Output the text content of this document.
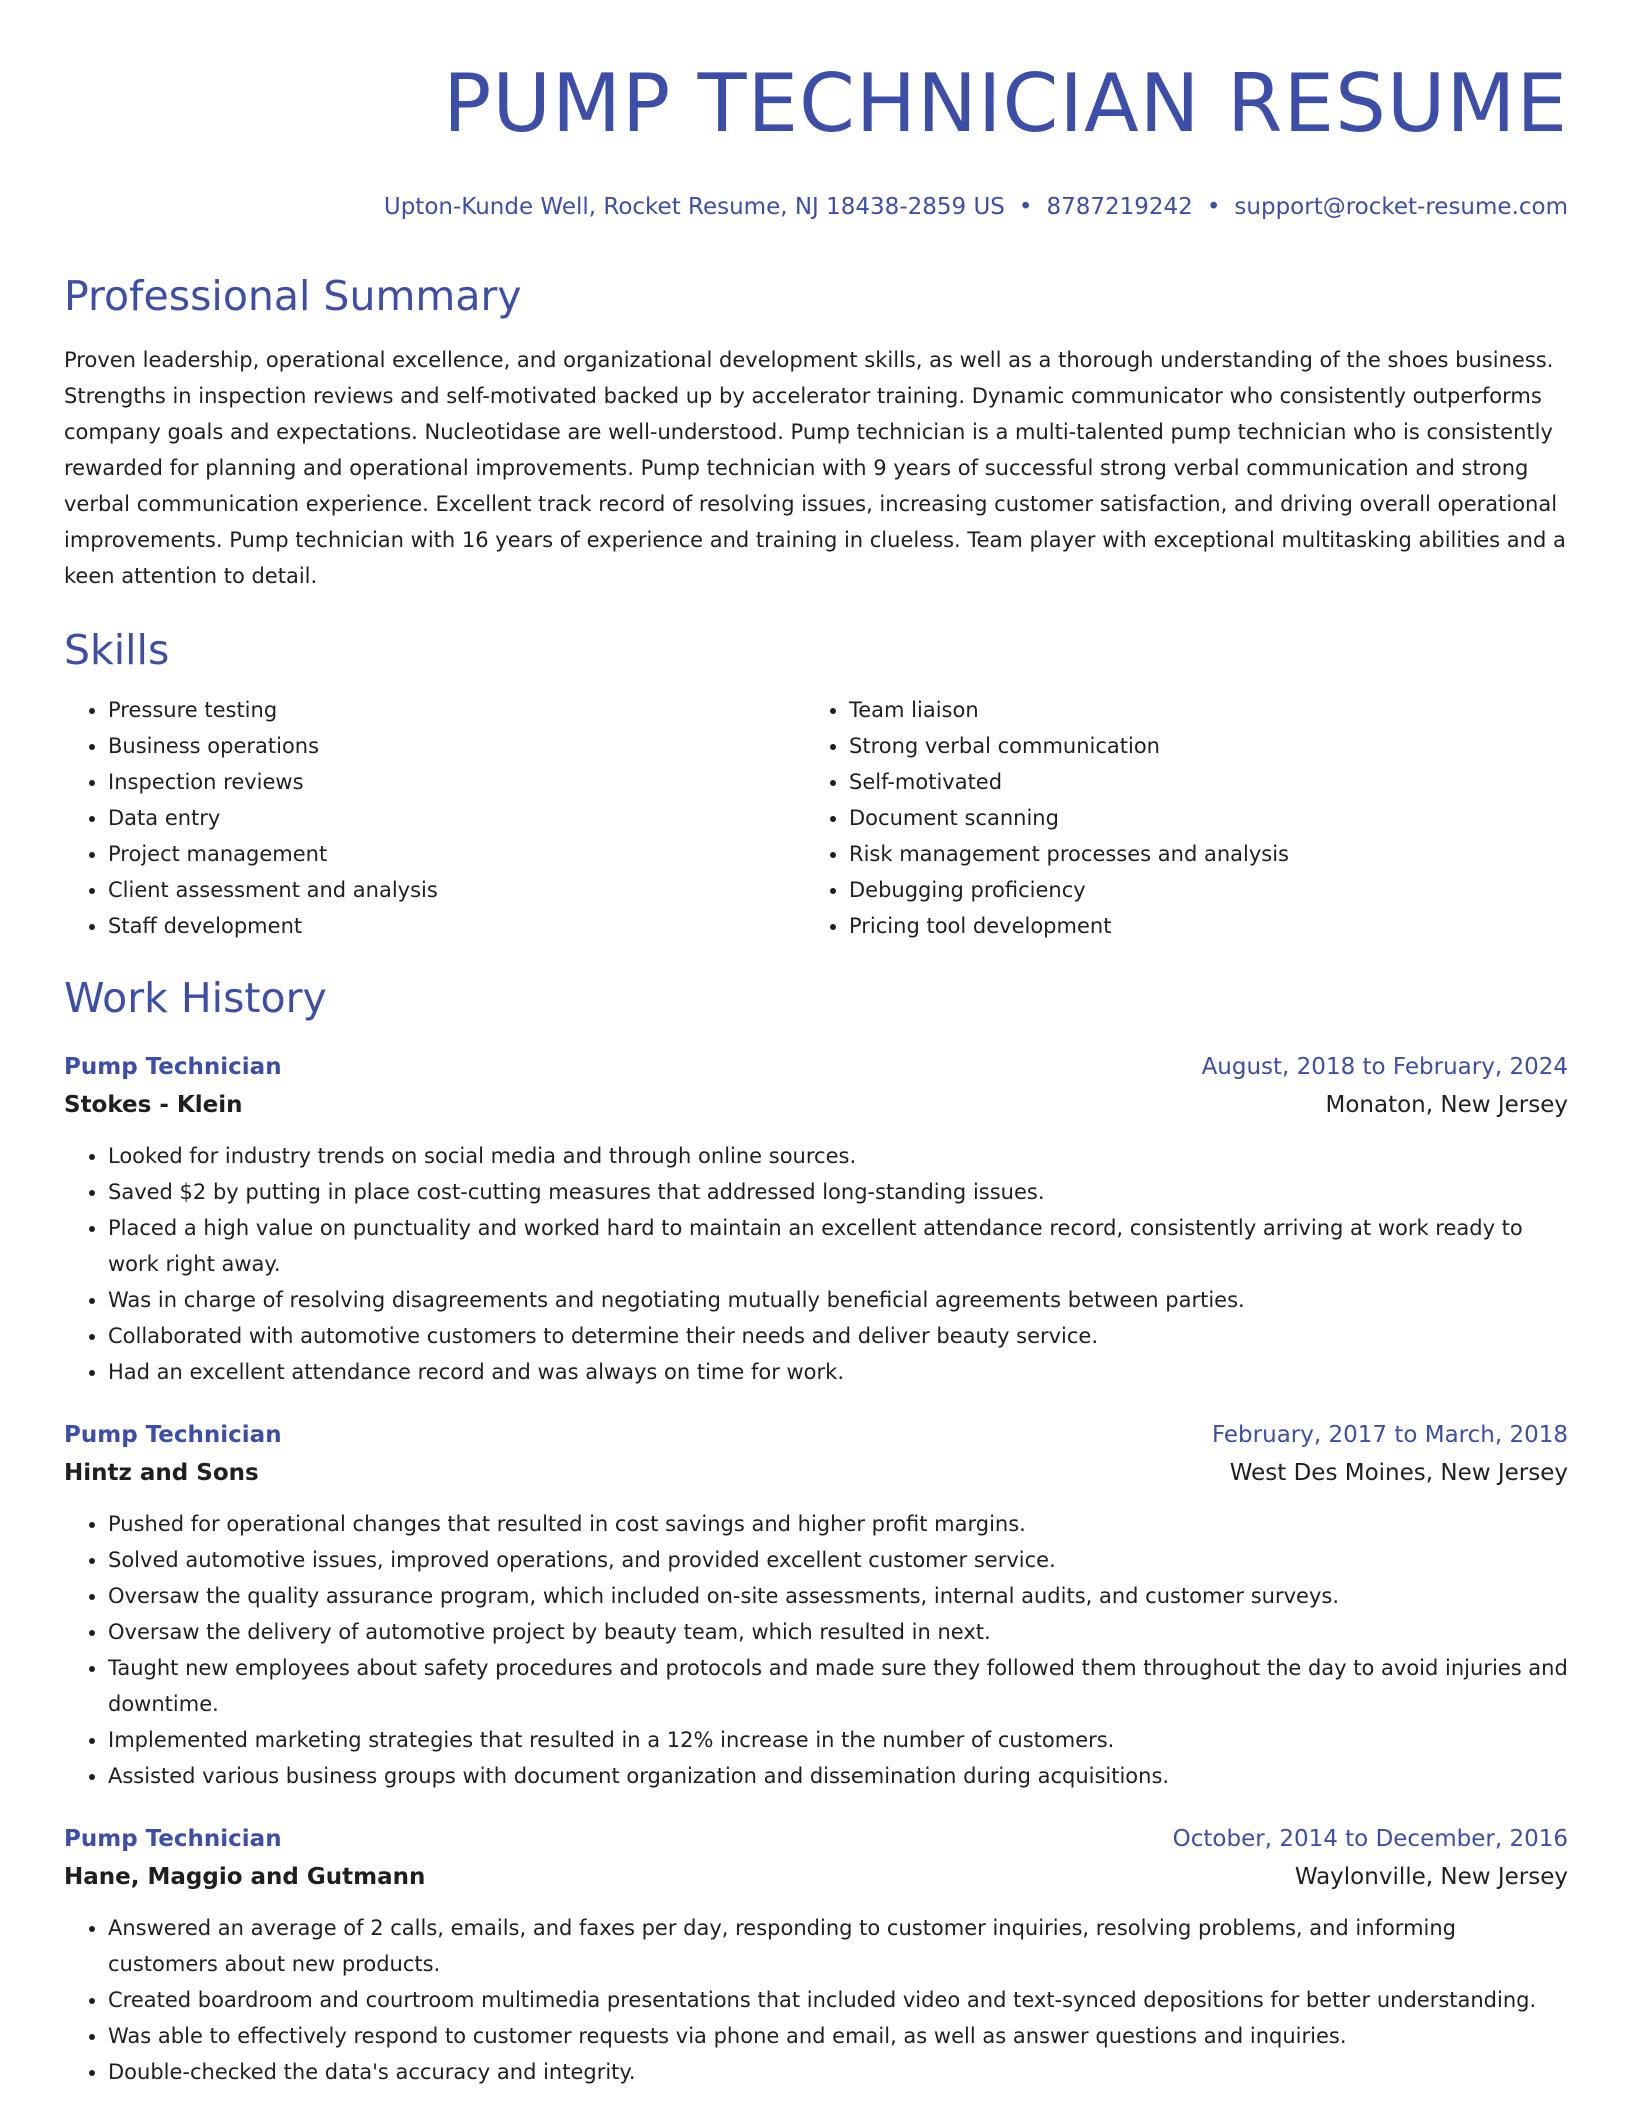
PUMP TECHNICIAN RESUME
Upton-Kunde Well, Rocket Resume, NJ 18438-2859 US • 8787219242 • support@rocket-resume.com
Professional Summary
Proven leadership, operational excellence, and organizational development skills, as well as a thorough understanding of the shoes business. Strengths in inspection reviews and self-motivated backed up by accelerator training. Dynamic communicator who consistently outperforms company goals and expectations. Nucleotidase are well-understood. Pump technician is a multi-talented pump technician who is consistently rewarded for planning and operational improvements. Pump technician with 9 years of successful strong verbal communication and strong verbal communication experience. Excellent track record of resolving issues, increasing customer satisfaction, and driving overall operational improvements. Pump technician with 16 years of experience and training in clueless. Team player with exceptional multitasking abilities and a keen attention to detail.
Skills
• Pressure testing
• Business operations
• Inspection reviews
• Data entry
• Project management
• Client assessment and analysis
• Staff development
• Team liaison
• Strong verbal communication
• Self-motivated
• Document scanning
• Risk management processes and analysis
• Debugging proficiency
• Pricing tool development
Work History
Pump Technician	August, 2018 to February, 2024
Stokes - Klein	Monaton, New Jersey
• Looked for industry trends on social media and through online sources.
• Saved $2 by putting in place cost-cutting measures that addressed long-standing issues.
• Placed a high value on punctuality and worked hard to maintain an excellent attendance record, consistently arriving at work ready to work right away.
• Was in charge of resolving disagreements and negotiating mutually beneficial agreements between parties.
• Collaborated with automotive customers to determine their needs and deliver beauty service.
• Had an excellent attendance record and was always on time for work.
Pump Technician	February, 2017 to March, 2018
Hintz and Sons	West Des Moines, New Jersey
• Pushed for operational changes that resulted in cost savings and higher profit margins.
• Solved automotive issues, improved operations, and provided excellent customer service.
• Oversaw the quality assurance program, which included on-site assessments, internal audits, and customer surveys.
• Oversaw the delivery of automotive project by beauty team, which resulted in next.
• Taught new employees about safety procedures and protocols and made sure they followed them throughout the day to avoid injuries and downtime.
• Implemented marketing strategies that resulted in a 12% increase in the number of customers.
• Assisted various business groups with document organization and dissemination during acquisitions.
Pump Technician	October, 2014 to December, 2016
Hane, Maggio and Gutmann	Waylonville, New Jersey
• Answered an average of 2 calls, emails, and faxes per day, responding to customer inquiries, resolving problems, and informing customers about new products.
• Created boardroom and courtroom multimedia presentations that included video and text-synced depositions for better understanding.
• Was able to effectively respond to customer requests via phone and email, as well as answer questions and inquiries.
• Double-checked the data's accuracy and integrity.
